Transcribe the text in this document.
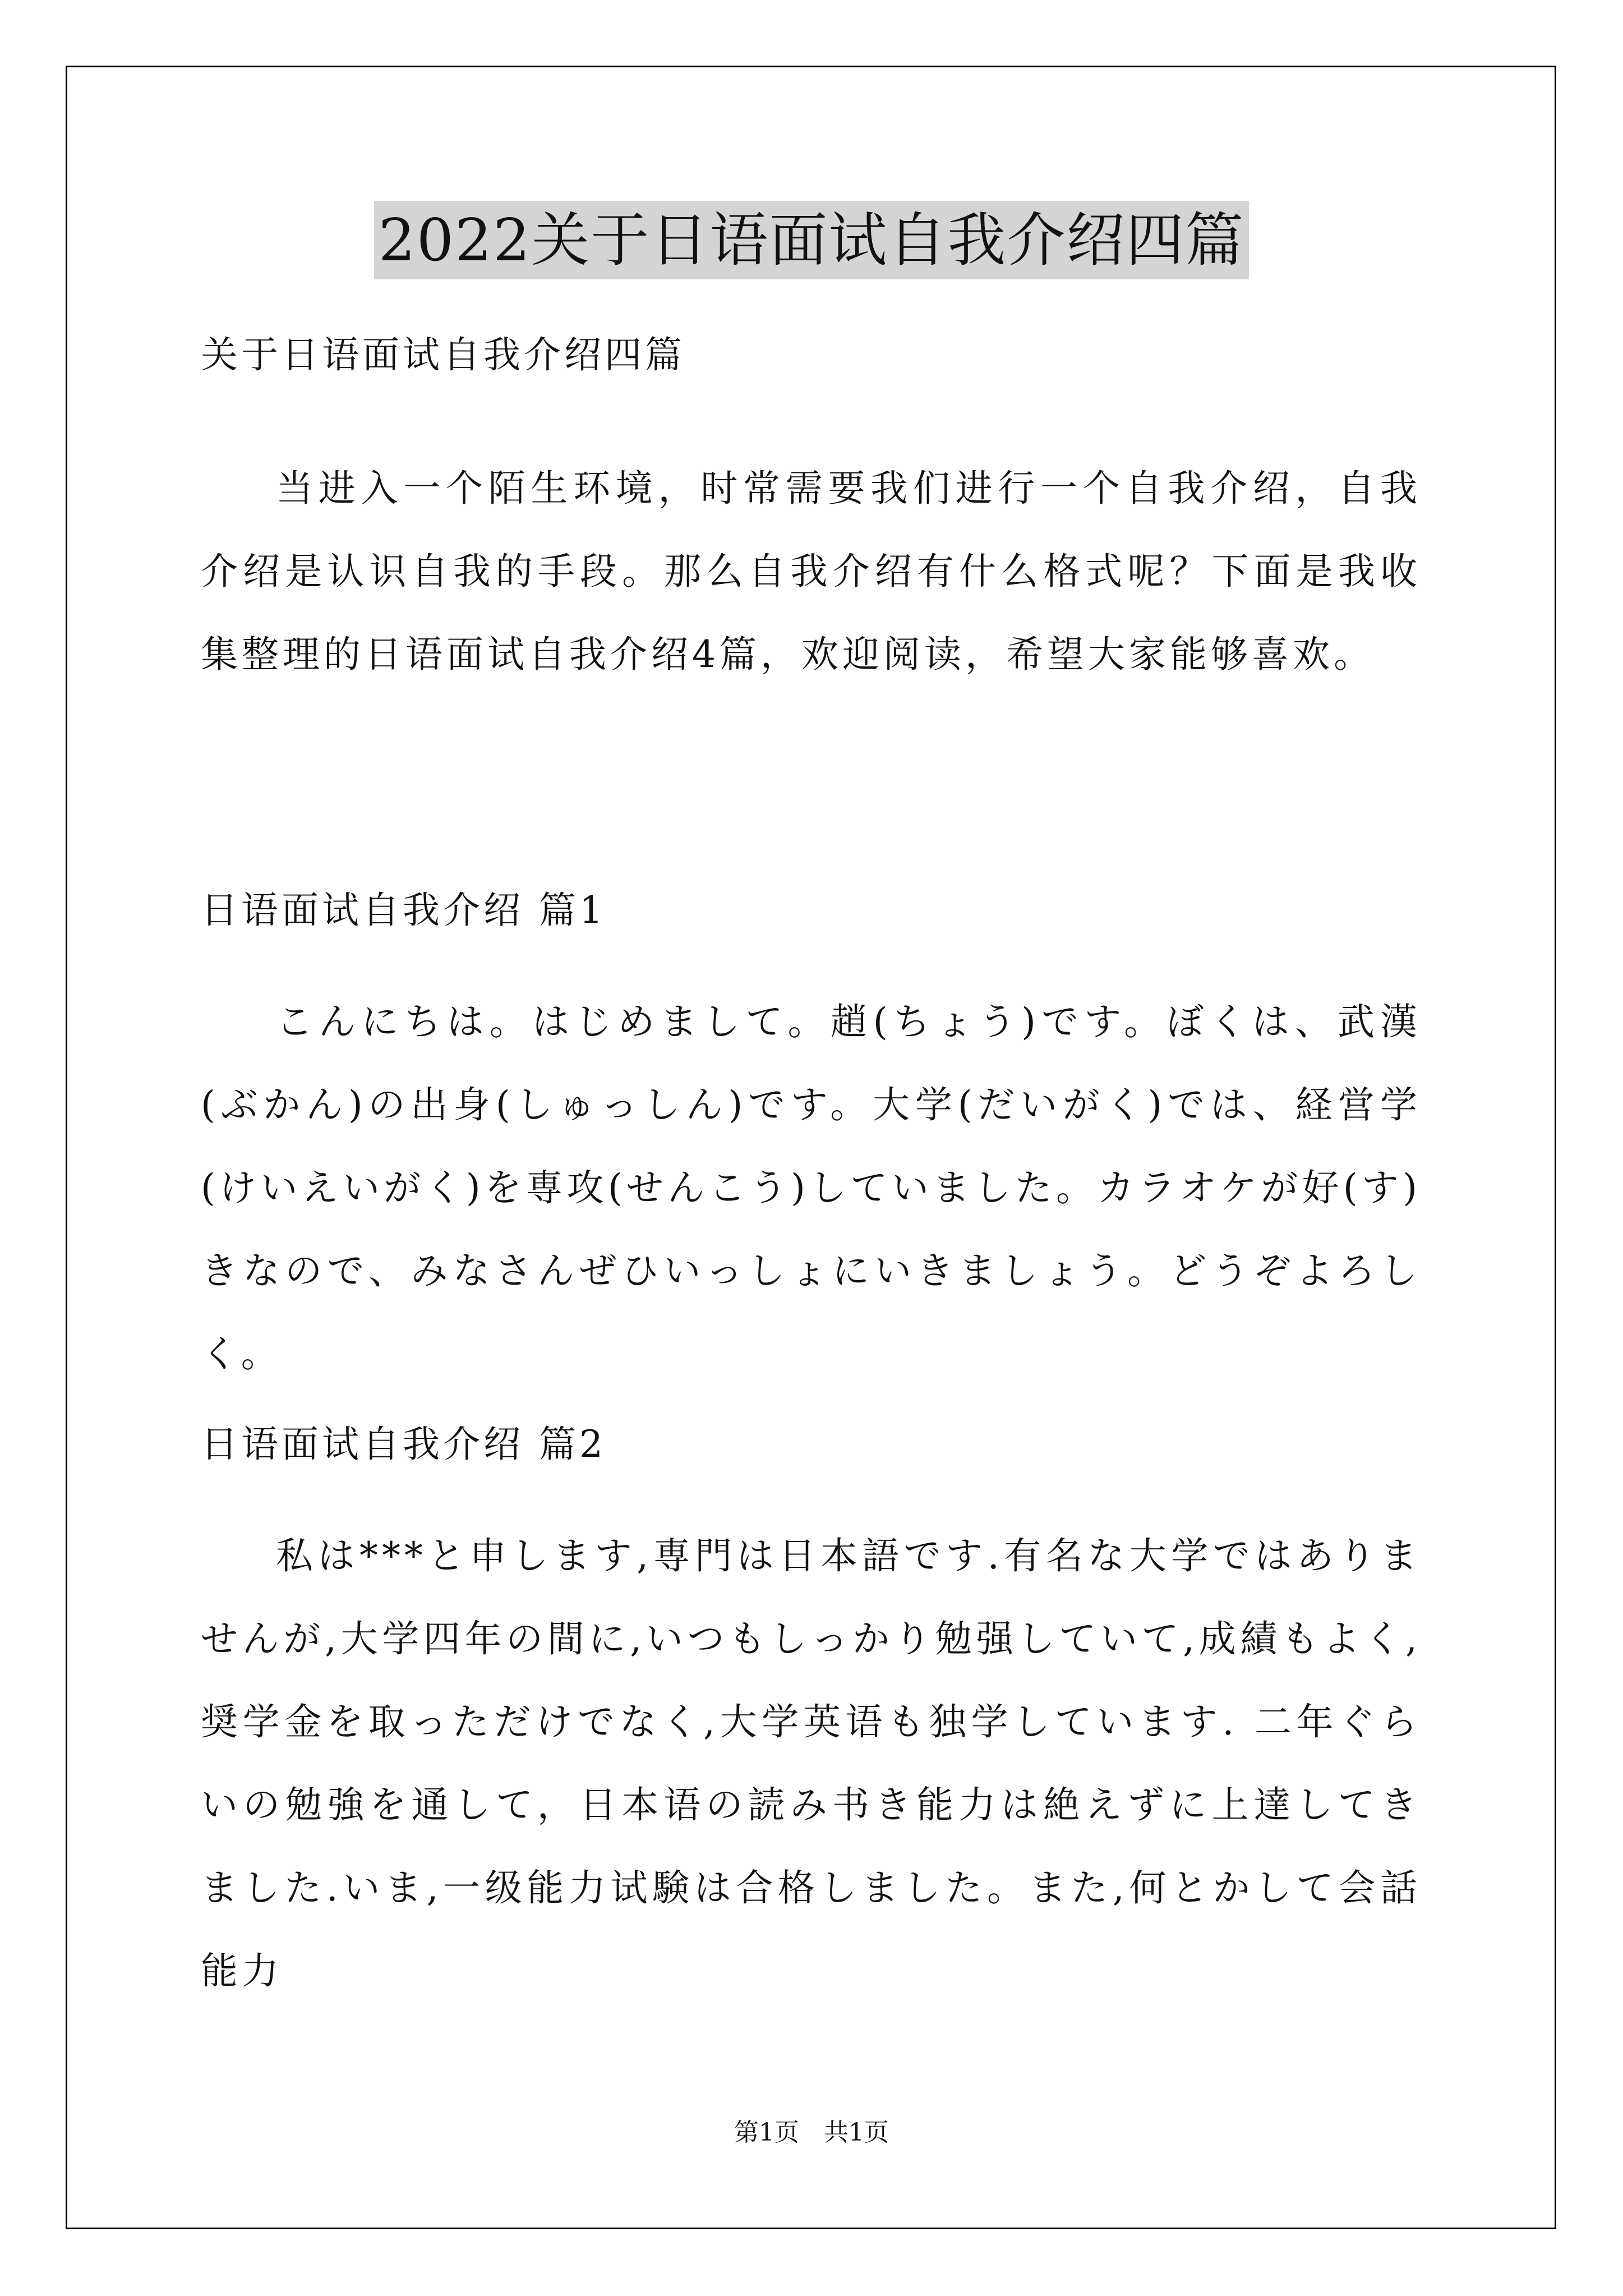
2022关于日语面试自我介绍四篇
关于日语面试自我介绍四篇
当进入一个陌生环境，时常需要我们进行一个自我介绍，自我介绍是认识自我的手段。那么自我介绍有什么格式呢？下面是我收集整理的日语面试自我介绍4篇，欢迎阅读，希望大家能够喜欢。
日语面试自我介绍 篇1
こんにちは。はじめまして。趙(ちょう)です。ぼくは、武漢(ぶかん)の出身(しゅっしん)です。大学(だいがく)では、経営学(けいえいがく)を専攻(せんこう)していました。カラオケが好(す)きなので、みなさんぜひいっしょにいきましょう。どうぞよろしく。
日语面试自我介绍 篇2
私は***と申します,専門は日本語です.有名な大学ではありませんが,大学四年の間に,いつもしっかり勉强していて,成績もよく,奨学金を取っただけでなく,大学英语も独学しています. 二年ぐらいの勉強を通して，日本语の読み书き能力は絶えずに上達してきました.いま,一级能力试験は合格しました。また,何とかして会話能力
第1页　共1页
